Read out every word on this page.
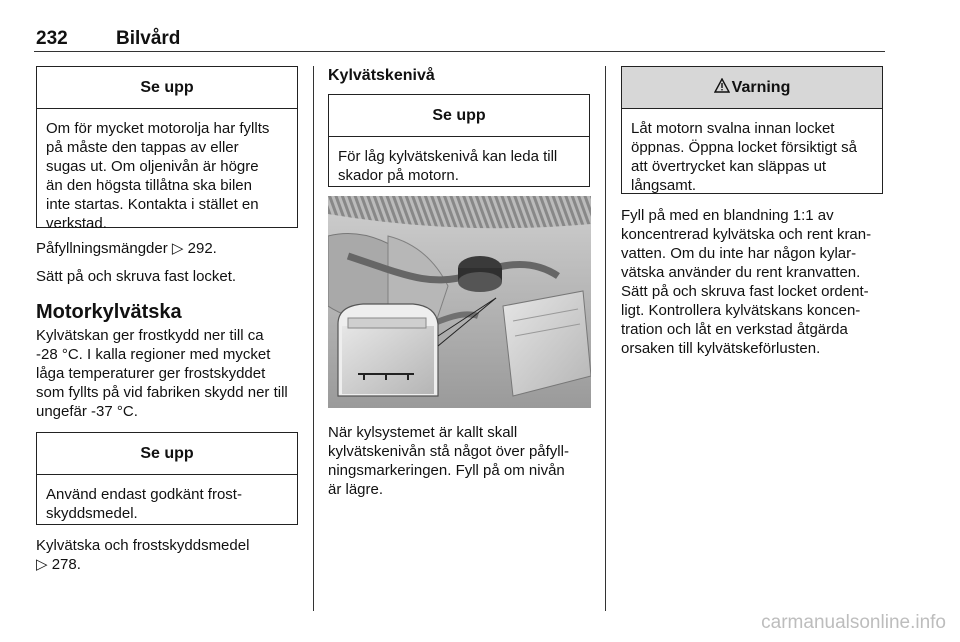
232	Bilvård
Se upp
Om för mycket motorolja har fyllts
på måste den tappas av eller
sugas ut. Om oljenivån är högre
än den högsta tillåtna ska bilen
inte startas. Kontakta i stället en
verkstad.

Påfyllningsmängder ▷ 292.

Sätt på och skruva fast locket.

Motorkylvätska

Kylvätskan ger frostkydd ner till ca

-28 °C. I kalla regioner med mycket

låga temperaturer ger frostskyddet

som fyllts på vid fabriken skydd ner till

ungefär -37 °C.

Se upp
Använd endast godkänt frost-
skyddsmedel.

Kylvätska och frostskyddsmedel

▷ 278.

Kylvätskenivå
Se upp
För låg kylvätskenivå kan leda till
skador på motorn.

När kylsystemet är kallt skall

kylvätskenivån stå något över påfyll-

ningsmarkeringen. Fyll på om nivån

är lägre.

Varning
Låt motorn svalna innan locket
öppnas. Öppna locket försiktigt så
att övertrycket kan släppas ut
långsamt.

Fyll på med en blandning 1:1 av

koncentrerad kylvätska och rent kran-

vatten. Om du inte har någon kylar-

vätska använder du rent kranvatten.

Sätt på och skruva fast locket ordent-

ligt. Kontrollera kylvätskans koncen-

tration och låt en verkstad åtgärda

orsaken till kylvätskeförlusten.

carmanualsonline.info
